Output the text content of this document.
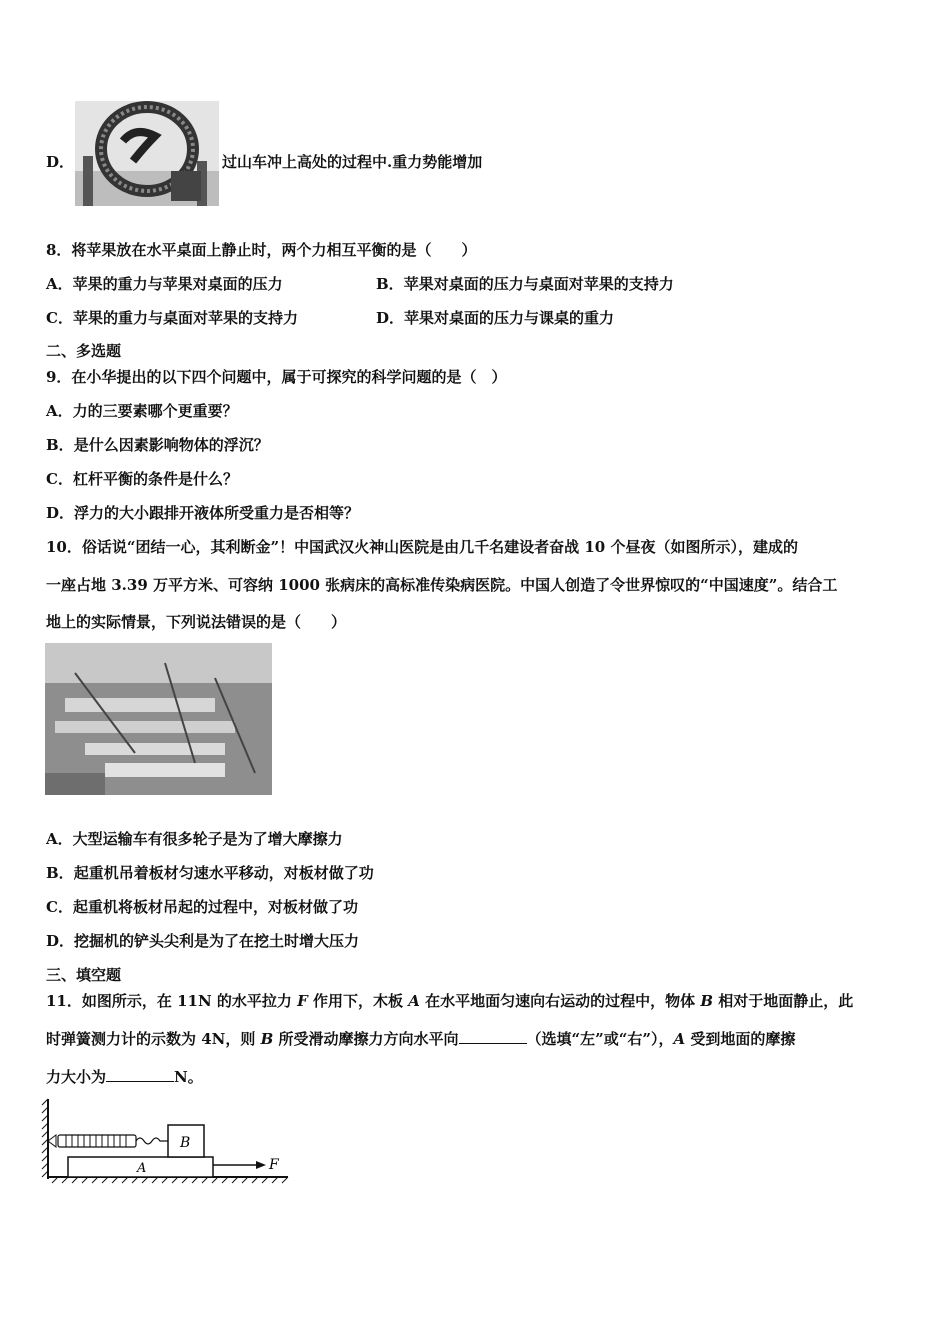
D．	过山车冲上高处的过程中.重力势能增加
8．将苹果放在水平桌面上静止时，两个力相互平衡的是（　　）
A．苹果的重力与苹果对桌面的压力	B．苹果对桌面的压力与桌面对苹果的支持力
C．苹果的重力与桌面对苹果的支持力	D．苹果对桌面的压力与课桌的重力
二、多选题
9．在小华提出的以下四个问题中，属于可探究的科学问题的是（　）
A．力的三要素哪个更重要？
B．是什么因素影响物体的浮沉？
C．杠杆平衡的条件是什么？
D．浮力的大小跟排开液体所受重力是否相等？
10．俗话说“团结一心，其利断金”！中国武汉火神山医院是由几千名建设者奋战 10 个昼夜（如图所示），建成的
一座占地 3.39 万平方米、可容纳 1000 张病床的高标准传染病医院。中国人创造了令世界惊叹的“中国速度”。结合工
地上的实际情景，下列说法错误的是（　　）
A．大型运输车有很多轮子是为了增大摩擦力
B．起重机吊着板材匀速水平移动，对板材做了功
C．起重机将板材吊起的过程中，对板材做了功
D．挖掘机的铲头尖利是为了在挖土时增大压力
三、填空题
11．如图所示，在 11N 的水平拉力 F 作用下，木板 A 在水平地面匀速向右运动的过程中，物体 B 相对于地面静止，此
时弹簧测力计的示数为 4N，则 B 所受滑动摩擦力方向水平向	（选填“左”或“右”），A 受到地面的摩擦
力大小为	N。
B
A	F
